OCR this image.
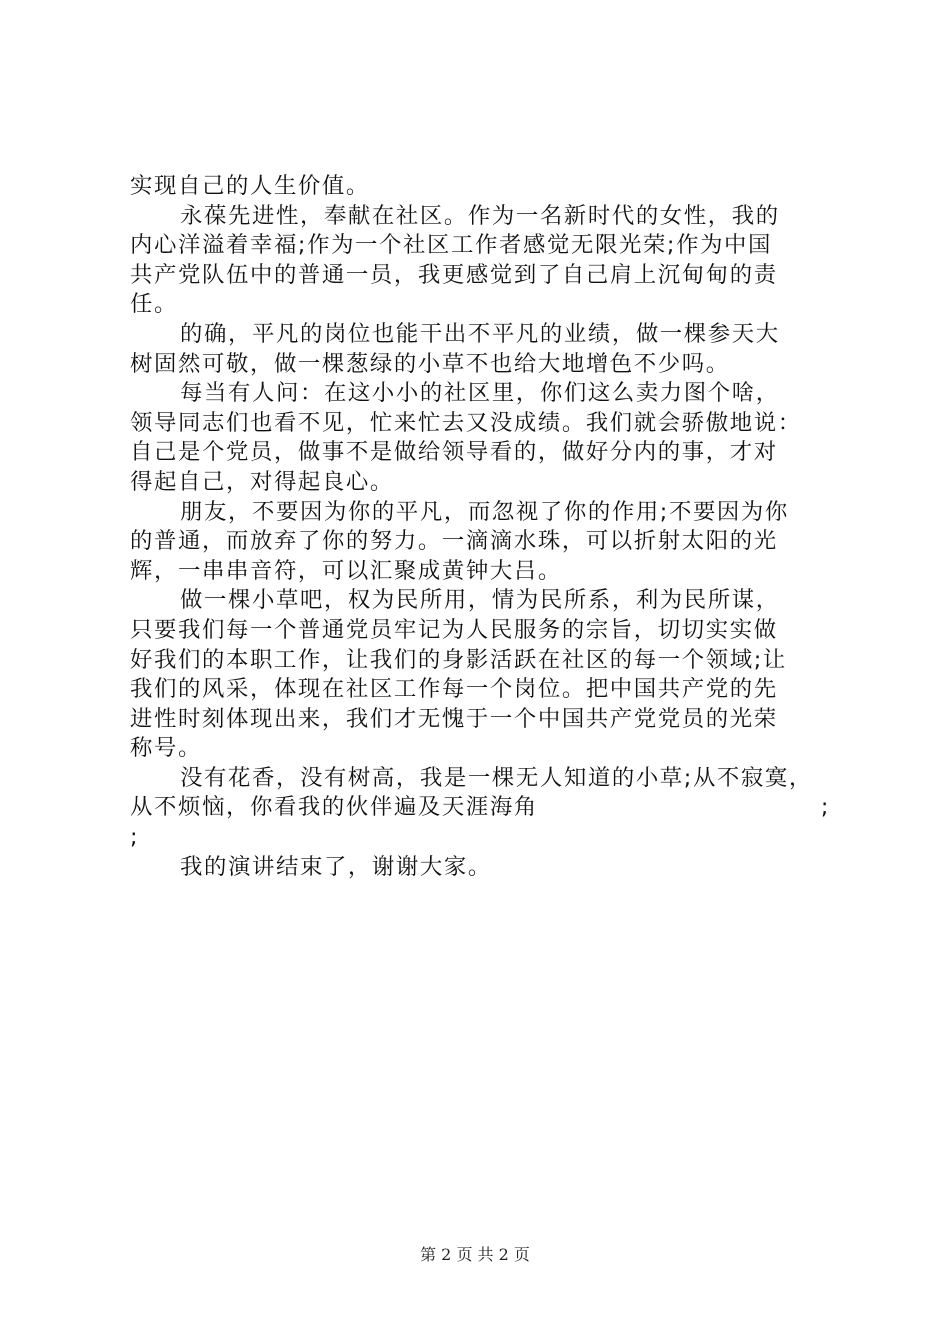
实现自己的人生价值。
永葆先进性，奉献在社区。作为一名新时代的女性，我的
内心洋溢着幸福;作为一个社区工作者感觉无限光荣;作为中国
共产党队伍中的普通一员，我更感觉到了自己肩上沉甸甸的责
任。
的确，平凡的岗位也能干出不平凡的业绩，做一棵参天大
树固然可敬，做一棵葱绿的小草不也给大地增色不少吗。
每当有人问：在这小小的社区里，你们这么卖力图个啥，
领导同志们也看不见，忙来忙去又没成绩。我们就会骄傲地说：
自己是个党员，做事不是做给领导看的，做好分内的事，才对
得起自己，对得起良心。
朋友，不要因为你的平凡，而忽视了你的作用;不要因为你
的普通，而放弃了你的努力。一滴滴水珠，可以折射太阳的光
辉，一串串音符，可以汇聚成黄钟大吕。
做一棵小草吧，权为民所用，情为民所系，利为民所谋，
只要我们每一个普通党员牢记为人民服务的宗旨，切切实实做
好我们的本职工作，让我们的身影活跃在社区的每一个领域;让
我们的风采，体现在社区工作每一个岗位。把中国共产党的先
进性时刻体现出来，我们才无愧于一个中国共产党党员的光荣
称号。
没有花香，没有树高，我是一棵无人知道的小草;从不寂寞，
从不烦恼，你看我的伙伴遍及天涯海角	;
;
我的演讲结束了，谢谢大家。
第 2 页 共 2 页
